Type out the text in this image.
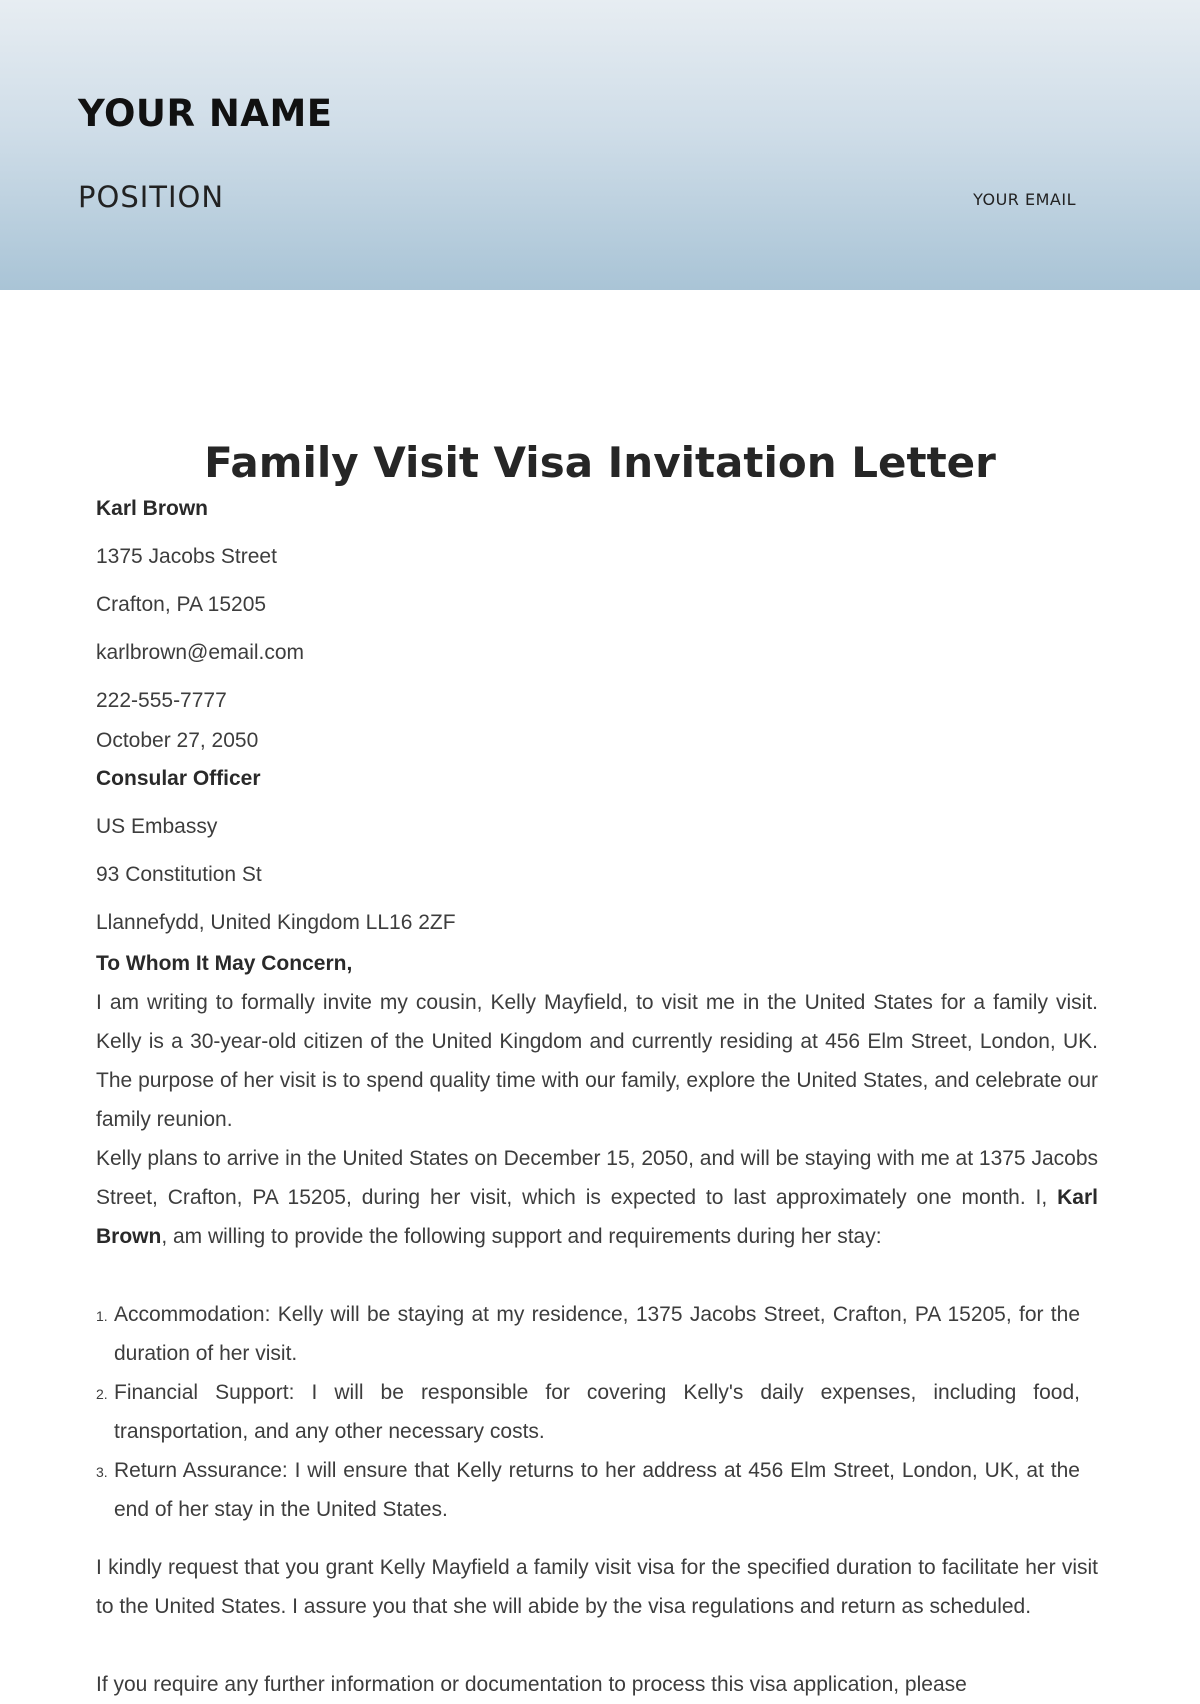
YOUR NAME
POSITION	YOUR EMAIL
Family Visit Visa Invitation Letter
Karl Brown
1375 Jacobs Street
Crafton, PA 15205
karlbrown@email.com
222-555-7777
October 27, 2050
Consular Officer
US Embassy
93 Constitution St
Llannefydd, United Kingdom LL16 2ZF
To Whom It May Concern,

I am writing to formally invite my cousin, Kelly Mayfield, to visit me in the United States for a family visit. Kelly is a 30-year-old citizen of the United Kingdom and currently residing at 456 Elm Street, London, UK. The purpose of her visit is to spend quality time with our family, explore the United States, and celebrate our family reunion.

Kelly plans to arrive in the United States on December 15, 2050, and will be staying with me at 1375 Jacobs Street, Crafton, PA 15205, during her visit, which is expected to last approximately one month. I, Karl Brown, am willing to provide the following support and requirements during her stay:

1. Accommodation: Kelly will be staying at my residence, 1375 Jacobs Street, Crafton, PA 15205, for the duration of her visit.
2. Financial Support: I will be responsible for covering Kelly's daily expenses, including food, transportation, and any other necessary costs.
3. Return Assurance: I will ensure that Kelly returns to her address at 456 Elm Street, London, UK, at the end of her stay in the United States.

I kindly request that you grant Kelly Mayfield a family visit visa for the specified duration to facilitate her visit to the United States. I assure you that she will abide by the visa regulations and return as scheduled.

If you require any further information or documentation to process this visa application, please
